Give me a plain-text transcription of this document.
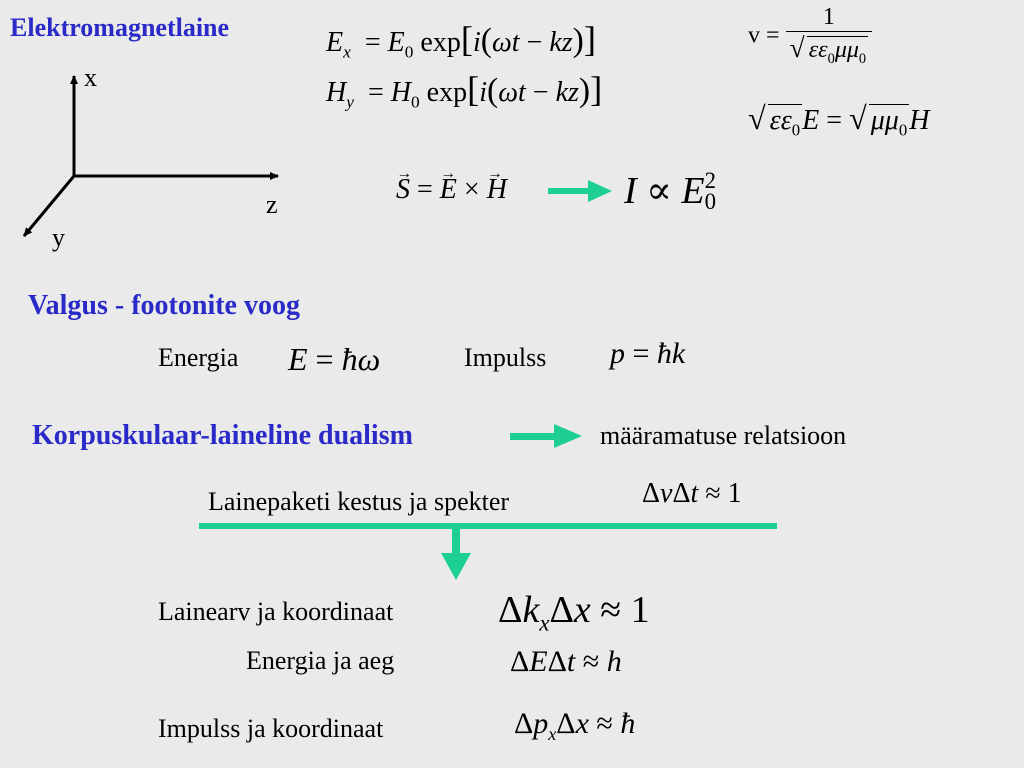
Elektromagnetlaine
x
z
y
$E_x = E_0$ exp[i(ωt − kz)]
$H_y = H_0$ exp[i(ωt − kz)]
$v = \frac{1}{√ \varepsilon\varepsilon_0\mu\mu_0}$
√ $\varepsilon\varepsilon_0E$ = √ $\mu\mu_0H$
→ S = → E × → H	I ∝ E 2
0
Valgus - footonite voog
Energia E = ħω	Impulss p = ħk
Korpuskulaar-laineline dualism	määramatuse relatsioon
Lainepaketi kestus ja spekter	ΔνΔt ≈ 1
Lainearv ja koordinaat	$\Delta k_x\Delta x \approx 1$
Energia ja aeg	ΔEΔt ≈ h
Impulss ja koordinaat	$\Delta p_x\Delta x$ ≈ ħ
